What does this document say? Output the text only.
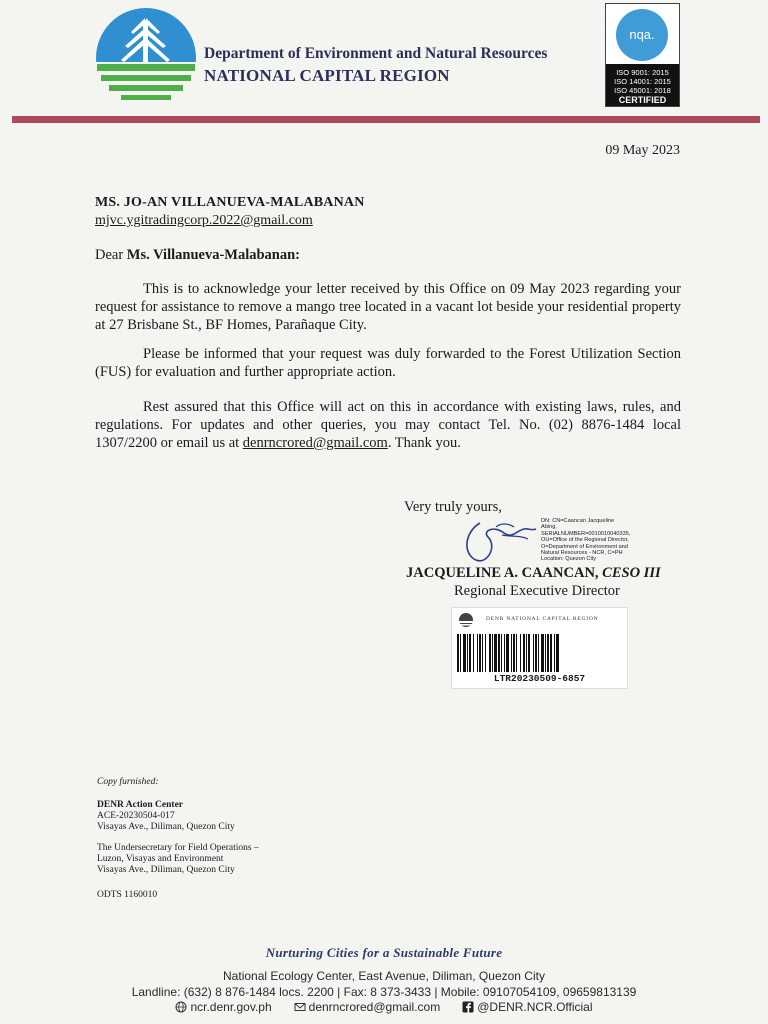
Department of Environment and Natural Resources
NATIONAL CAPITAL REGION
nqa.
ISO 9001: 2015
ISO 14001: 2015
ISO 45001: 2018
CERTIFIED
09 May 2023
MS. JO-AN VILLANUEVA-MALABANAN
mjvc.ygitradingcorp.2022@gmail.com
Dear Ms. Villanueva-Malabanan:
This is to acknowledge your letter received by this Office on 09 May 2023 regarding your request for assistance to remove a mango tree located in a vacant lot beside your residential property at 27 Brisbane St., BF Homes, Parañaque City.
Please be informed that your request was duly forwarded to the Forest Utilization Section (FUS) for evaluation and further appropriate action.
Rest assured that this Office will act on this in accordance with existing laws, rules, and regulations. For updates and other queries, you may contact Tel. No. (02) 8876-1484 local 1307/2200 or email us at denrncrored@gmail.com. Thank you.
Very truly yours,
DN: CN=Caancan Jacqueline Abing, SERIALNUMBER=0010010040335, OU=Office of the Regional Director, O=Department of Environment and Natural Resources - NCR, C=PH Location: Quezon City
JACQUELINE A. CAANCAN, CESO III
Regional Executive Director
DENR NATIONAL CAPITAL REGION
LTR20230509-6857
Copy furnished:
DENR Action Center
ACE-20230504-017
Visayas Ave., Diliman, Quezon City
The Undersecretary for Field Operations –
Luzon, Visayas and Environment
Visayas Ave., Diliman, Quezon City
ODTS 1160010
Nurturing Cities for a Sustainable Future
National Ecology Center, East Avenue, Diliman, Quezon City
Landline: (632) 8 876-1484 locs. 2200 | Fax: 8 373-3433 | Mobile: 09107054109, 09659813139
ncr.denr.gov.ph	denrncrored@gmail.com	@DENR.NCR.Official
